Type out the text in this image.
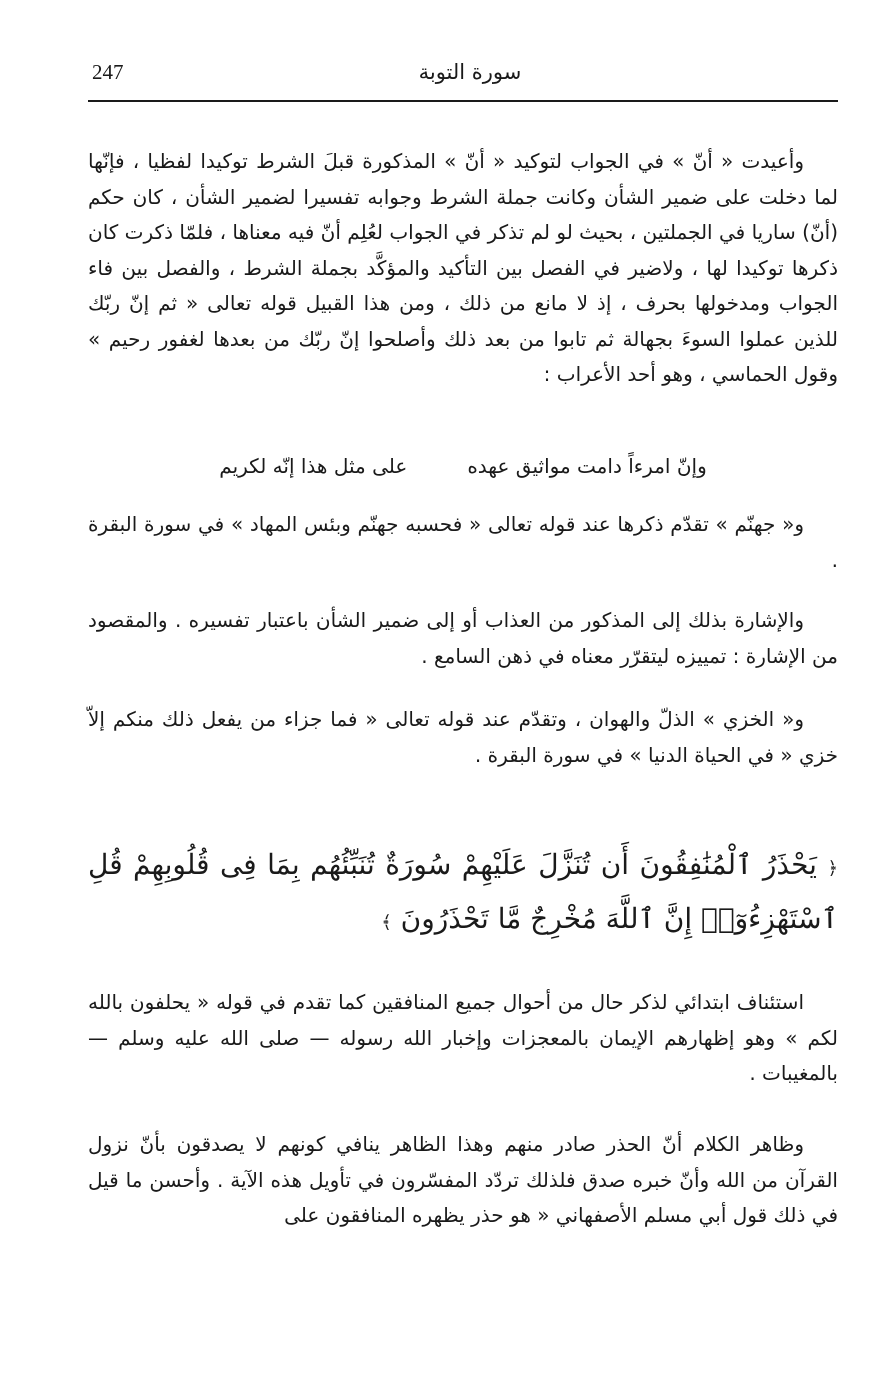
247	سورة التوبة

وأعيدت « أنّ » في الجواب لتوكيد « أنّ » المذكورة قبلَ الشرط توكيدا لفظيا ، فإنّها لما دخلت على ضمير الشأن وكانت جملة الشرط وجوابه تفسيرا لضمير الشأن ، كان حكم (أنّ) ساريا في الجملتين ، بحيث لو لم تذكر في الجواب لعُلِم أنّ فيه معناها ، فلمّا ذكرت كان ذكرها توكيدا لها ، ولاضير في الفصل بين التأكيد والمؤكَّد بجملة الشرط ، والفصل بين فاء الجواب ومدخولها بحرف ، إذ لا مانع من ذلك ، ومن هذا القبيل قوله تعالى « ثم إنّ ربّك للذين عملوا السوءَ بجهالة ثم تابوا من بعد ذلك وأصلحوا إنّ ربّك من بعدها لغفور رحيم » وقول الحماسي ، وهو أحد الأعراب :

وإنّ امرءاً دامت مواثيق عهده
على مثل هذا إنّه لكريم

و« جهنّم » تقدّم ذكرها عند قوله تعالى « فحسبه جهنّم وبئس المهاد » في سورة البقرة .

والإشارة بذلك إلى المذكور من العذاب أو إلى ضمير الشأن باعتبار تفسيره . والمقصود من الإشارة : تمييزه ليتقرّر معناه في ذهن السامع .

و« الخزي » الذلّ والهوان ، وتقدّم عند قوله تعالى « فما جزاء من يفعل ذلك منكم إلاّ خزي « في الحياة الدنيا » في سورة البقرة .

﴿ يَحْذَرُ ٱلْمُنَٰفِقُونَ أَن تُنَزَّلَ عَلَيْهِمْ سُورَةٌ تُنَبِّئُهُم بِمَا فِى قُلُوبِهِمْ قُلِ ٱسْتَهْزِءُوٓا۟ إِنَّ ٱللَّهَ مُخْرِجٌ مَّا تَحْذَرُونَ ﴾

استئناف ابتدائي لذكر حال من أحوال جميع المنافقين كما تقدم في قوله « يحلفون بالله لكم » وهو إظهارهم الإيمان بالمعجزات وإخبار الله رسوله — صلى الله عليه وسلم — بالمغيبات .

وظاهر الكلام أنّ الحذر صادر منهم وهذا الظاهر ينافي كونهم لا يصدقون بأنّ نزول القرآن من الله وأنّ خبره صدق فلذلك تردّد المفسّرون في تأويل هذه الآية . وأحسن ما قيل في ذلك قول أبي مسلم الأصفهاني « هو حذر يظهره المنافقون على
